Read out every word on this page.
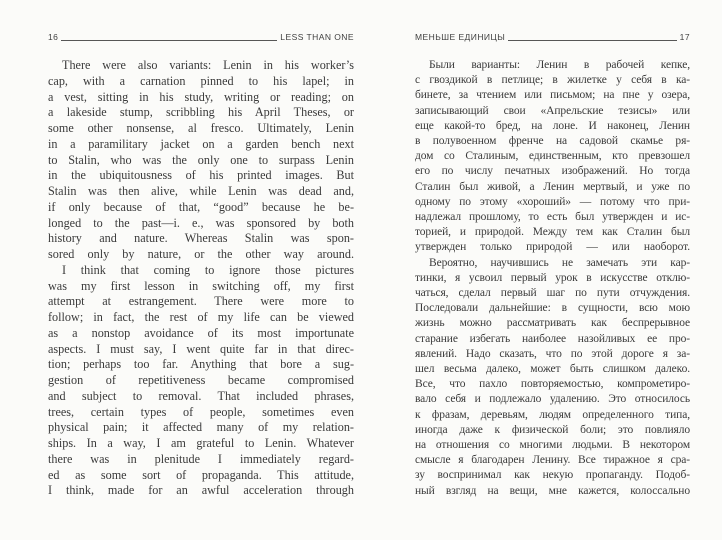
16	LESS THAN ONE
There were also variants: Lenin in his worker’s
cap, with a carnation pinned to his lapel; in
a vest, sitting in his study, writing or reading; on
a lakeside stump, scribbling his April Theses, or
some other nonsense, al fresco. Ultimately, Lenin
in a paramilitary jacket on a garden bench next
to Stalin, who was the only one to surpass Lenin
in the ubiquitousness of his printed images. But
Stalin was then alive, while Lenin was dead and,
if only because of that, “good” because he be-
longed to the past—i. e., was sponsored by both
history and nature. Whereas Stalin was spon-
sored only by nature, or the other way around.
I think that coming to ignore those pictures
was my first lesson in switching off, my first
attempt at estrangement. There were more to
follow; in fact, the rest of my life can be viewed
as a nonstop avoidance of its most importunate
aspects. I must say, I went quite far in that direc-
tion; perhaps too far. Anything that bore a sug-
gestion of repetitiveness became compromised
and subject to removal. That included phrases,
trees, certain types of people, sometimes even
physical pain; it affected many of my relation-
ships. In a way, I am grateful to Lenin. Whatever
there was in plenitude I immediately regard-
ed as some sort of propaganda. This attitude,
I think, made for an awful acceleration through
МЕНЬШЕ ЕДИНИЦЫ	17
Были варианты: Ленин в рабочей кепке,
с гвоздикой в петлице; в жилетке у себя в ка-
бинете, за чтением или письмом; на пне у озера,
записывающий свои «Апрельские тезисы» или
еще какой-то бред, на лоне. И наконец, Ленин
в полувоенном френче на садовой скамье ря-
дом со Сталиным, единственным, кто превзошел
его по числу печатных изображений. Но тогда
Сталин был живой, а Ленин мертвый, и уже по
одному по этому «хороший» — потому что при-
надлежал прошлому, то есть был утвержден и ис-
торией, и природой. Между тем как Сталин был
утвержден только природой — или наоборот.
Вероятно, научившись не замечать эти кар-
тинки, я усвоил первый урок в искусстве отклю-
чаться, сделал первый шаг по пути отчуждения.
Последовали дальнейшие: в сущности, всю мою
жизнь можно рассматривать как беспрерывное
старание избегать наиболее назойливых ее про-
явлений. Надо сказать, что по этой дороге я за-
шел весьма далеко, может быть слишком далеко.
Все, что пахло повторяемостью, компрометиро-
вало себя и подлежало удалению. Это относилось
к фразам, деревьям, людям определенного типа,
иногда даже к физической боли; это повлияло
на отношения со многими людьми. В некотором
смысле я благодарен Ленину. Все тиражное я сра-
зу воспринимал как некую пропаганду. Подоб-
ный взгляд на вещи, мне кажется, колоссально
